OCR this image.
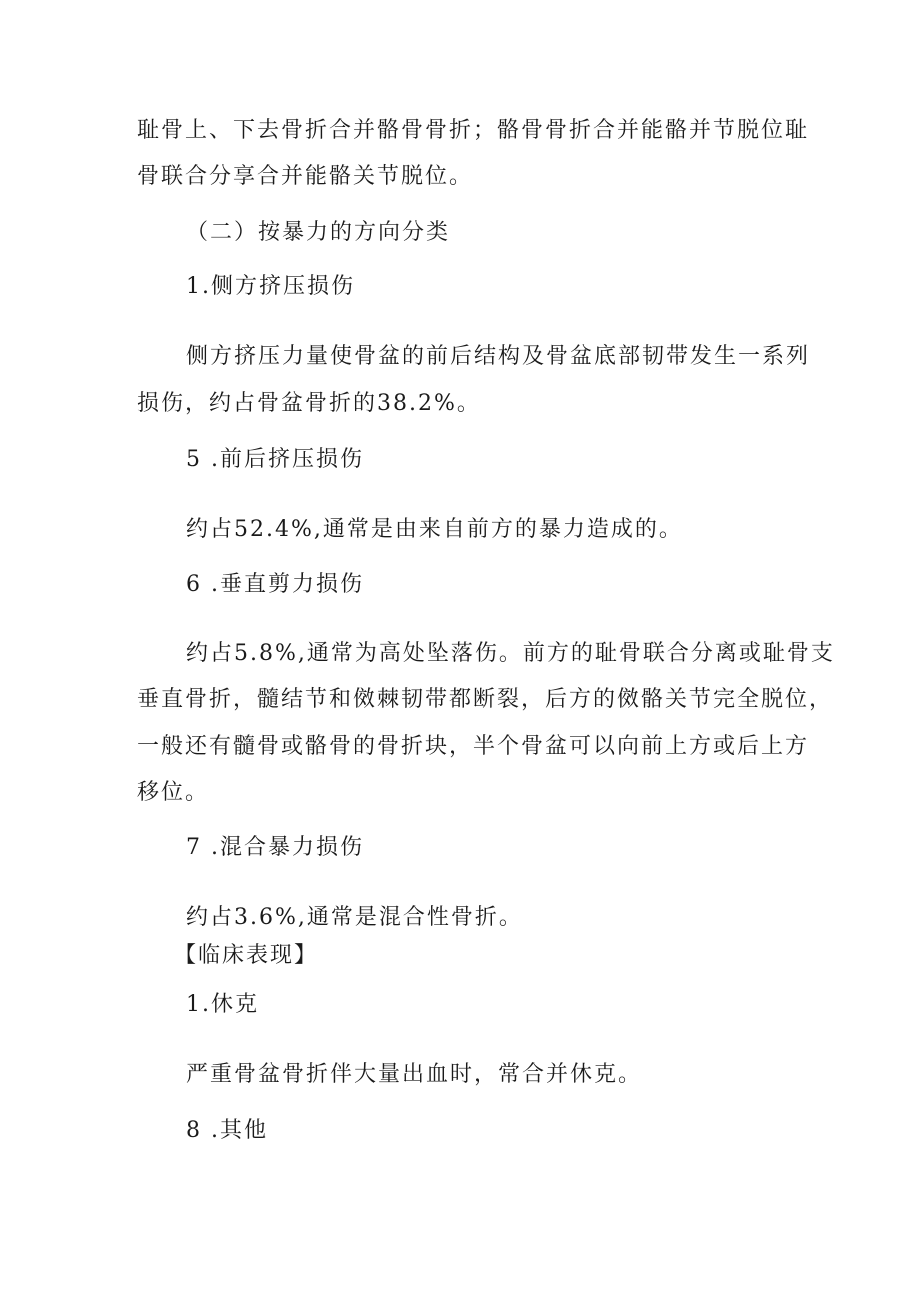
耻骨上、下去骨折合并骼骨骨折；骼骨骨折合并能骼并节脱位耻

骨联合分享合并能骼关节脱位。

（二）按暴力的方向分类

1.侧方挤压损伤

侧方挤压力量使骨盆的前后结构及骨盆底部韧带发生一系列

损伤，约占骨盆骨折的38.2%。

5 .前后挤压损伤

约占52.4%,通常是由来自前方的暴力造成的。

6 .垂直剪力损伤

约占5.8%,通常为高处坠落伤。前方的耻骨联合分离或耻骨支

垂直骨折，髓结节和傚棘韧带都断裂，后方的傚骼关节完全脱位，

一般还有髓骨或骼骨的骨折块，半个骨盆可以向前上方或后上方

移位。

7 .混合暴力损伤

约占3.6%,通常是混合性骨折。

【临床表现】

1.休克

严重骨盆骨折伴大量出血时，常合并休克。

8 .其他
